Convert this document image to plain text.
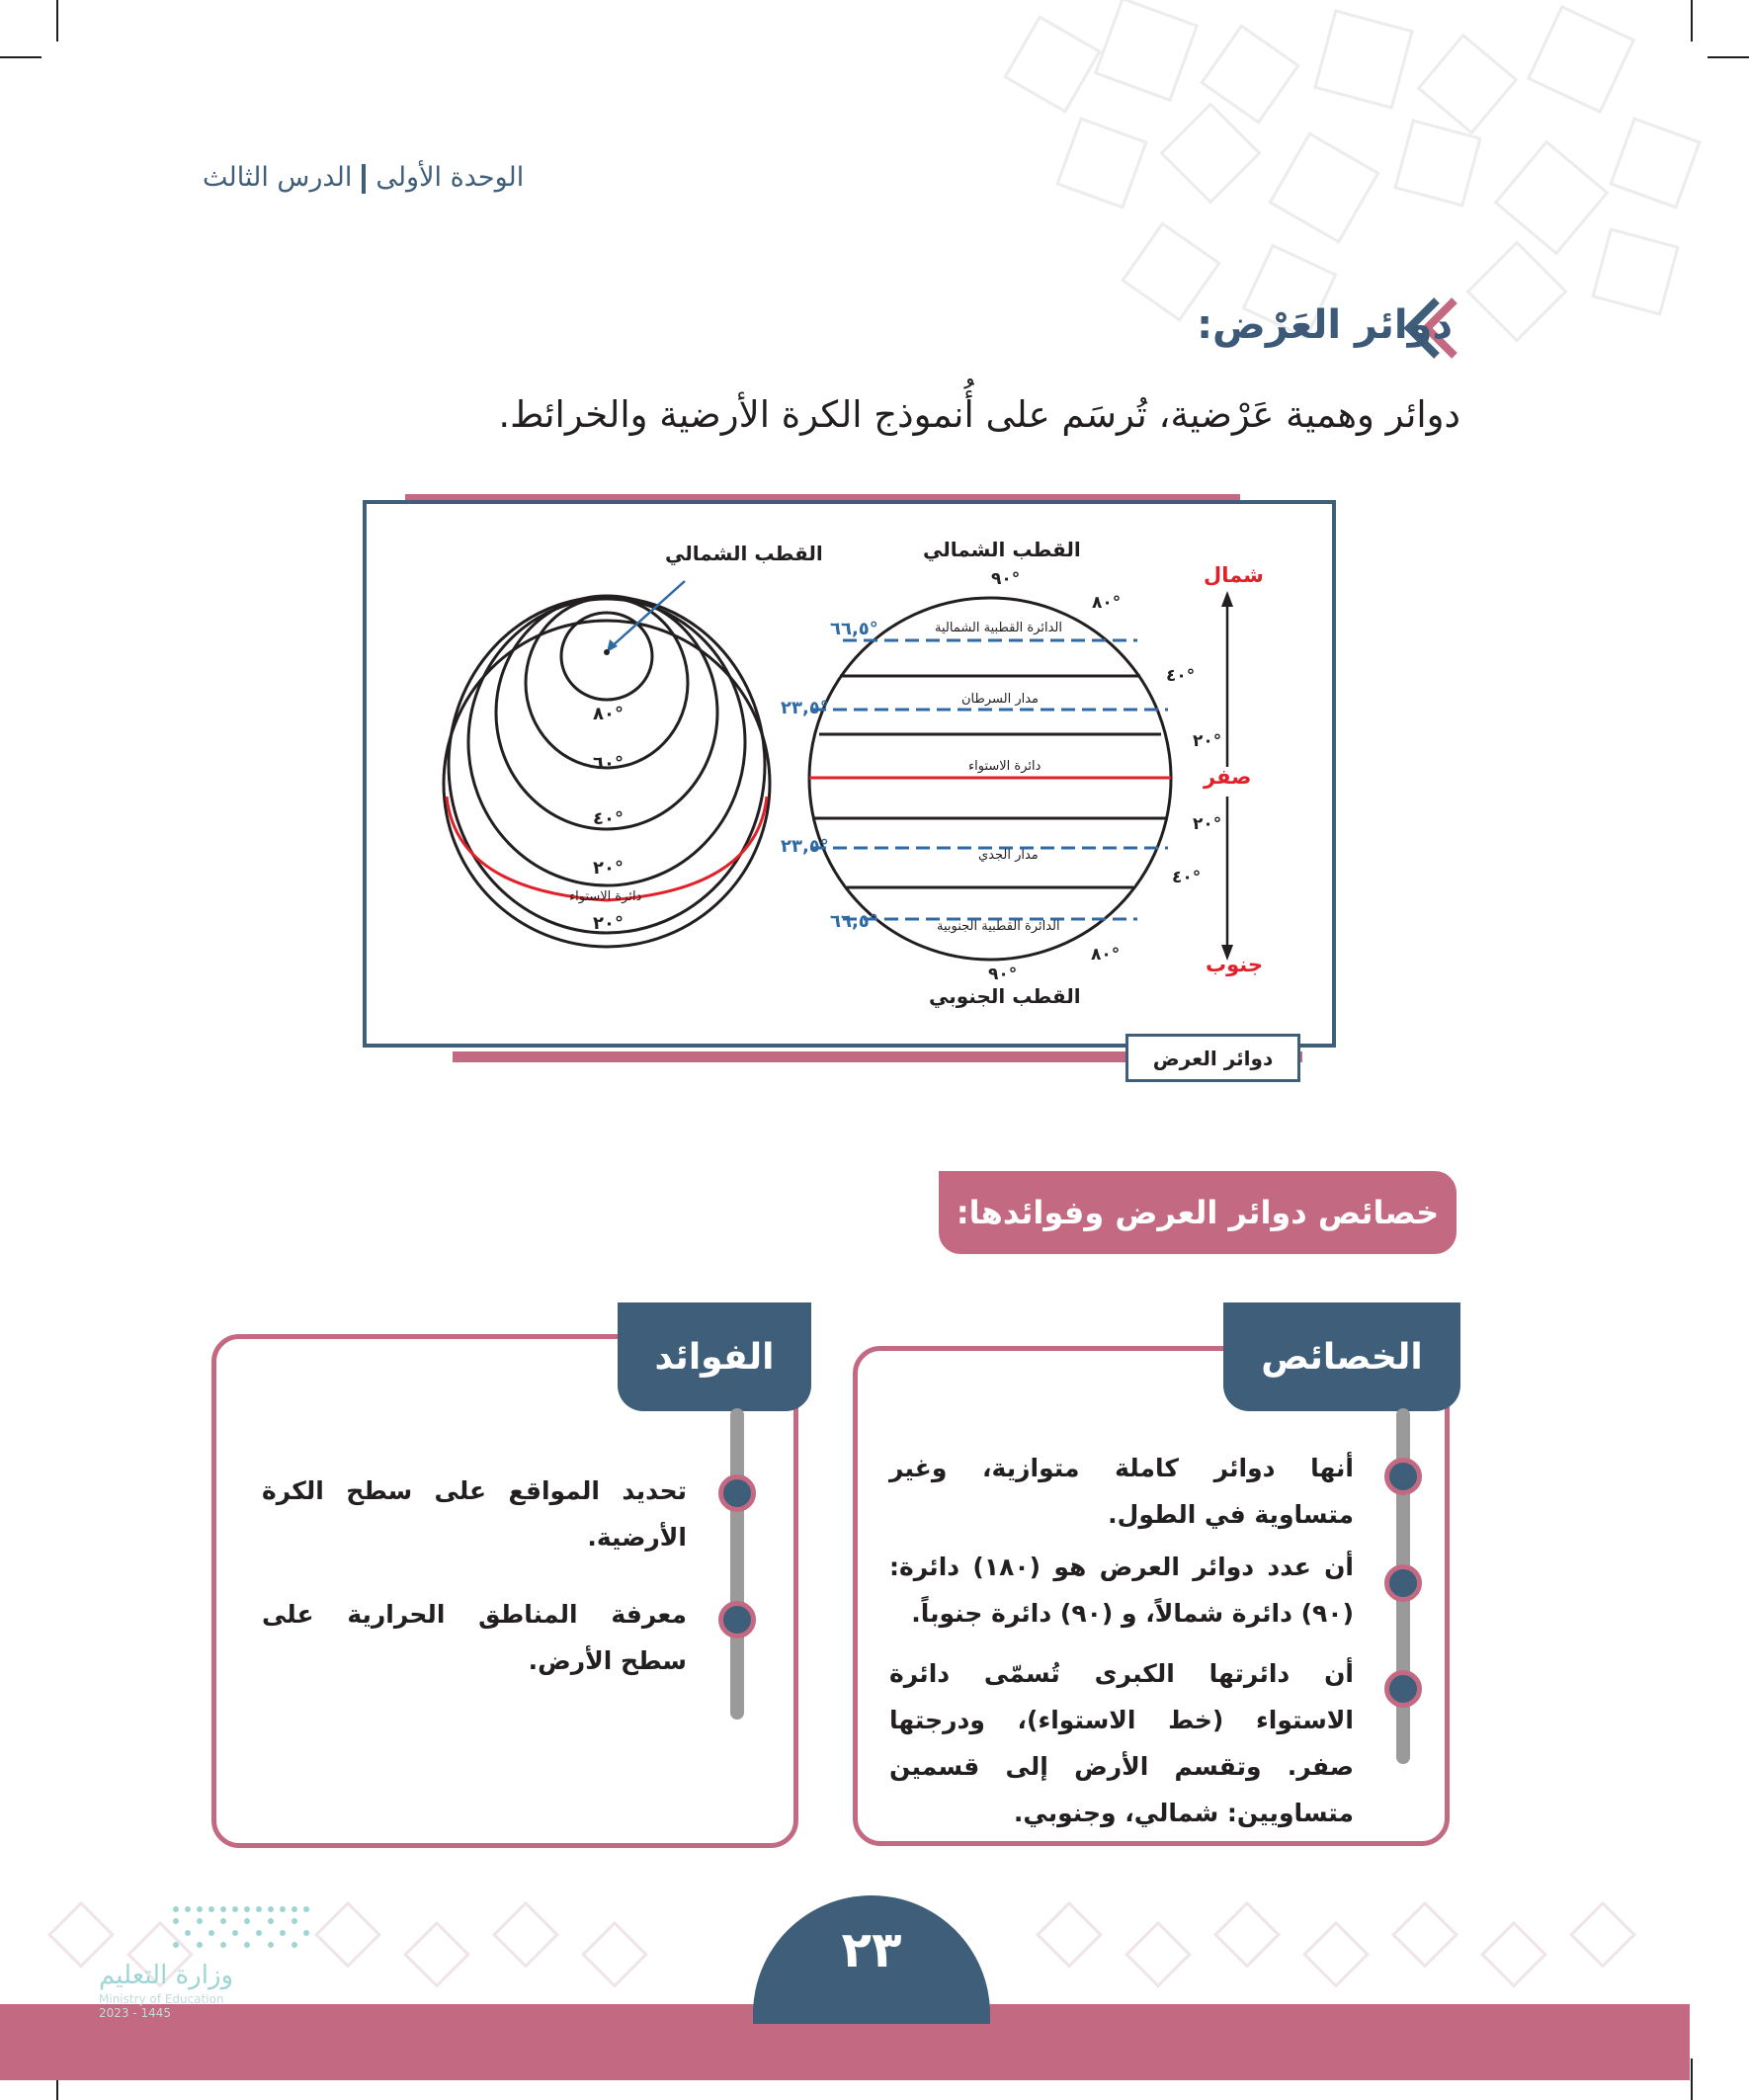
الوحدة الأولىالدرس الثالث
دوائر العَرْض:
دوائر وهمية عَرْضية، تُرسَم على أُنموذج الكرة الأرضية والخرائط.
القطب الشمالي
°٨٠
°٦٠
°٤٠
°٢٠
دائرة الاستواء
°٢٠
القطب الشمالي
°٩٠
الدائرة القطبية الشمالية
مدار السرطان
دائرة الاستواء
مدار الجدي
الدائرة القطبية الجنوبية
°٩٠
القطب الجنوبي
°٨٠
°٤٠
°٢٠
°٢٠
°٤٠
°٨٠
°٦٦,٥
°٢٣,٥
°٢٣,٥
°٦٦,٥
شمال
صفر
جنوب
دوائر العرض
خصائص دوائر العرض وفوائدها:
الخصائص
أنها دوائر كاملة متوازية، وغير متساوية في الطول.
أن عدد دوائر العرض هو (١٨٠) دائرة: (٩٠) دائرة شمالاً، و (٩٠) دائرة جنوباً.
أن دائرتها الكبرى تُسمّى دائرة الاستواء (خط الاستواء)، ودرجتها صفر. وتقسم الأرض إلى قسمين متساويين: شمالي، وجنوبي.
الفوائد
تحديد المواقع على سطح الكرة الأرضية.
معرفة المناطق الحرارية على سطح الأرض.
٢٣
وزارة التعليم
Ministry of Education
2023 - 1445
